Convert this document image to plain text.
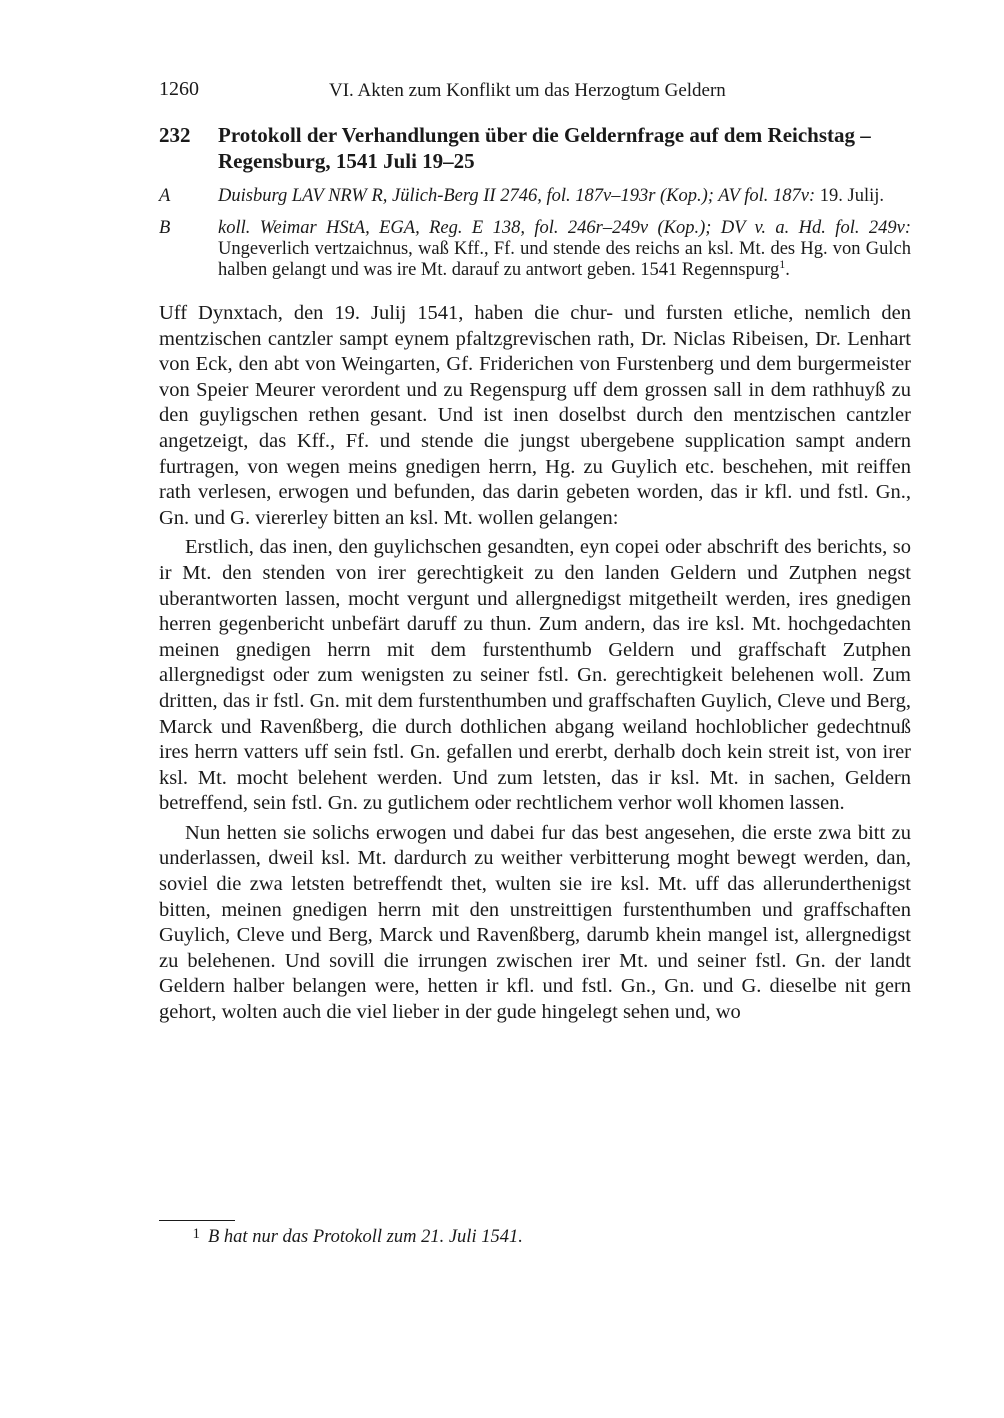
1260	VI. Akten zum Konflikt um das Herzogtum Geldern
232	Protokoll der Verhandlungen über die Geldernfrage auf dem Reichstag – Regensburg, 1541 Juli 19–25
A	Duisburg LAV NRW R, Jülich-Berg II 2746, fol. 187v–193r (Kop.); AV fol. 187v: 19. Julij.
B	koll. Weimar HStA, EGA, Reg. E 138, fol. 246r–249v (Kop.); DV v. a. Hd. fol. 249v: Ungeverlich vertzaichnus, waß Kff., Ff. und stende des reichs an ksl. Mt. des Hg. von Gulch halben gelangt und was ire Mt. darauf zu antwort geben. 1541 Regennspurg$^1$.

Uff Dynxtach, den 19. Julij 1541, haben die chur- und fursten etliche, nemlich den mentzischen cantzler sampt eynem pfaltzgrevischen rath, Dr. Niclas Ribeisen, Dr. Lenhart von Eck, den abt von Weingarten, Gf. Friderichen von Furstenberg und dem burgermeister von Speier Meurer verordent und zu Regenspurg uff dem grossen sall in dem rathhuyß zu den guyligschen rethen gesant. Und ist inen doselbst durch den mentzischen cantzler angetzeigt, das Kff., Ff. und stende die jungst ubergebene supplication sampt andern furtragen, von wegen meins gnedigen herrn, Hg. zu Guylich etc. beschehen, mit reiffen rath verlesen, erwogen und befunden, das darin gebeten worden, das ir kfl. und fstl. Gn., Gn. und G. viererley bitten an ksl. Mt. wollen gelangen:

Erstlich, das inen, den guylichschen gesandten, eyn copei oder abschrift des berichts, so ir Mt. den stenden von irer gerechtigkeit zu den landen Geldern und Zutphen negst uberantworten lassen, mocht vergunt und allergnedigst mitgetheilt werden, ires gnedigen herren gegenbericht unbefärt daruff zu thun. Zum andern, das ire ksl. Mt. hochgedachten meinen gnedigen herrn mit dem furstenthumb Geldern und graffschaft Zutphen allergnedigst oder zum wenigsten zu seiner fstl. Gn. gerechtigkeit belehenen woll. Zum dritten, das ir fstl. Gn. mit dem furstenthumben und graffschaften Guylich, Cleve und Berg, Marck und Ravenßberg, die durch dothlichen abgang weiland hochloblicher gedechtnuß ires herrn vatters uff sein fstl. Gn. gefallen und ererbt, derhalb doch kein streit ist, von irer ksl. Mt. mocht belehent werden. Und zum letsten, das ir ksl. Mt. in sachen, Geldern betreffend, sein fstl. Gn. zu gutlichem oder rechtlichem verhor woll khomen lassen.

Nun hetten sie solichs erwogen und dabei fur das best angesehen, die erste zwa bitt zu underlassen, dweil ksl. Mt. dardurch zu weither verbitterung moght bewegt werden, dan, soviel die zwa letsten betreffendt thet, wulten sie ire ksl. Mt. uff das allerunderthenigst bitten, meinen gnedigen herrn mit den unstreittigen furstenthumben und graffschaften Guylich, Cleve und Berg, Marck und Ravenßberg, darumb khein mangel ist, allergnedigst zu belehenen. Und sovill die irrungen zwischen irer Mt. und seiner fstl. Gn. der landt Geldern halber belangen were, hetten ir kfl. und fstl. Gn., Gn. und G. dieselbe nit gern gehort, wolten auch die viel lieber in der gude hingelegt sehen und, wo

1 B hat nur das Protokoll zum 21. Juli 1541.
